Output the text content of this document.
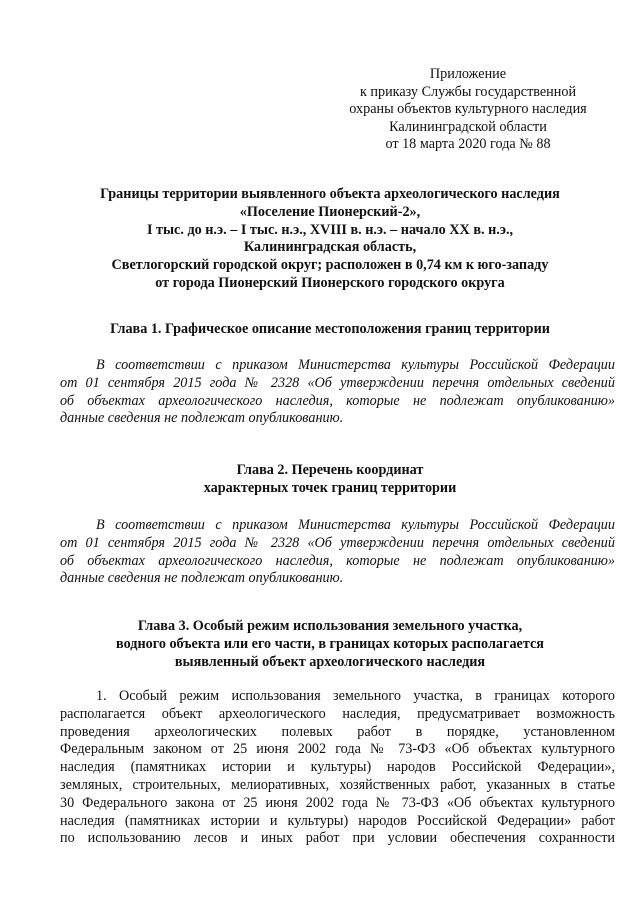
Приложение
к приказу Службы государственной
охраны объектов культурного наследия
Калининградской области
от 18 марта 2020 года № 88
Границы территории выявленного объекта археологического наследия
«Поселение Пионерский-2»,
I тыс. до н.э. – I тыс. н.э., XVIII в. н.э. – начало XX в. н.э.,
Калининградская область,
Светлогорский городской округ; расположен в 0,74 км к юго-западу
от города Пионерский Пионерского городского округа
Глава 1. Графическое описание местоположения границ территории
В соответствии с приказом Министерства культуры Российской Федерации
от 01 сентября 2015 года № 2328 «Об утверждении перечня отдельных сведений
об объектах археологического наследия, которые не подлежат опубликованию»
данные сведения не подлежат опубликованию.
Глава 2. Перечень координат
характерных точек границ территории
В соответствии с приказом Министерства культуры Российской Федерации
от 01 сентября 2015 года № 2328 «Об утверждении перечня отдельных сведений
об объектах археологического наследия, которые не подлежат опубликованию»
данные сведения не подлежат опубликованию.
Глава 3. Особый режим использования земельного участка,
водного объекта или его части, в границах которых располагается
выявленный объект археологического наследия
1. Особый режим использования земельного участка, в границах которого
располагается объект археологического наследия, предусматривает возможность
проведения археологических полевых работ в порядке, установленном
Федеральным законом от 25 июня 2002 года № 73-ФЗ «Об объектах культурного
наследия (памятниках истории и культуры) народов Российской Федерации»,
земляных, строительных, мелиоративных, хозяйственных работ, указанных в статье
30 Федерального закона от 25 июня 2002 года № 73-ФЗ «Об объектах культурного
наследия (памятниках истории и культуры) народов Российской Федерации» работ
по использованию лесов и иных работ при условии обеспечения сохранности
